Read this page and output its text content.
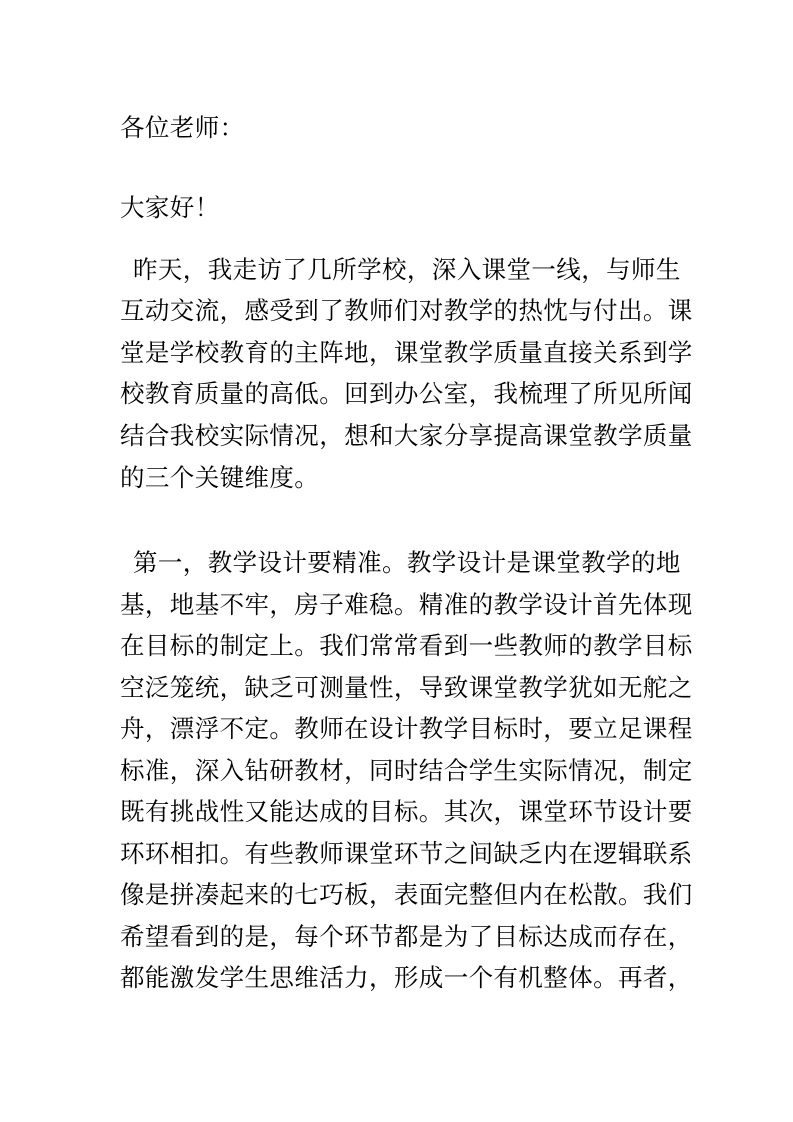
各位老师：
大家好！
昨天，我走访了几所学校，深入课堂一线，与师生
互动交流，感受到了教师们对教学的热忱与付出。课
堂是学校教育的主阵地，课堂教学质量直接关系到学
校教育质量的高低。回到办公室，我梳理了所见所闻
结合我校实际情况，想和大家分享提高课堂教学质量
的三个关键维度。
第一，教学设计要精准。教学设计是课堂教学的地
基，地基不牢，房子难稳。精准的教学设计首先体现
在目标的制定上。我们常常看到一些教师的教学目标
空泛笼统，缺乏可测量性，导致课堂教学犹如无舵之
舟，漂浮不定。教师在设计教学目标时，要立足课程
标准，深入钻研教材，同时结合学生实际情况，制定
既有挑战性又能达成的目标。其次，课堂环节设计要
环环相扣。有些教师课堂环节之间缺乏内在逻辑联系
像是拼凑起来的七巧板，表面完整但内在松散。我们
希望看到的是，每个环节都是为了目标达成而存在，
都能激发学生思维活力，形成一个有机整体。再者，
